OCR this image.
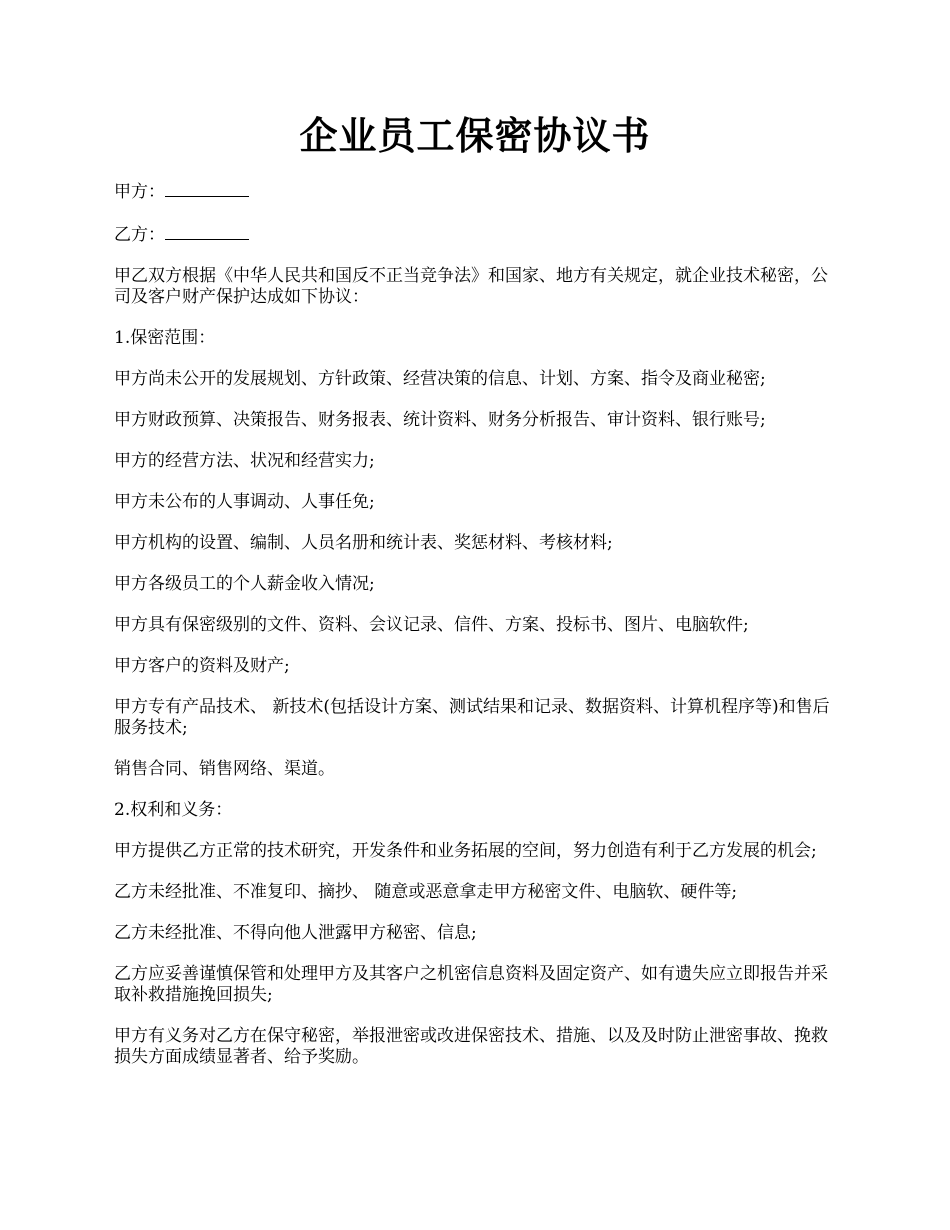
企业员工保密协议书
甲方：
乙方：

甲乙双方根据《中华人民共和国反不正当竞争法》和国家、地方有关规定，就企业技术秘密，公司及客户财产保护达成如下协议：

1.保密范围：

甲方尚未公开的发展规划、方针政策、经营决策的信息、计划、方案、指令及商业秘密;

甲方财政预算、决策报告、财务报表、统计资料、财务分析报告、审计资料、银行账号;

甲方的经营方法、状况和经营实力;

甲方未公布的人事调动、人事任免;

甲方机构的设置、编制、人员名册和统计表、奖惩材料、考核材料;

甲方各级员工的个人薪金收入情况;

甲方具有保密级别的文件、资料、会议记录、信件、方案、投标书、图片、电脑软件;

甲方客户的资料及财产;

甲方专有产品技术、 新技术(包括设计方案、测试结果和记录、数据资料、计算机程序等)和售后服务技术;

销售合同、销售网络、渠道。

2.权利和义务：

甲方提供乙方正常的技术研究，开发条件和业务拓展的空间，努力创造有利于乙方发展的机会;

乙方未经批准、不准复印、摘抄、 随意或恶意拿走甲方秘密文件、电脑软、硬件等;

乙方未经批准、不得向他人泄露甲方秘密、信息;

乙方应妥善谨慎保管和处理甲方及其客户之机密信息资料及固定资产、如有遗失应立即报告并采取补救措施挽回损失;

甲方有义务对乙方在保守秘密，举报泄密或改进保密技术、措施、以及及时防止泄密事故、挽救损失方面成绩显著者、给予奖励。
